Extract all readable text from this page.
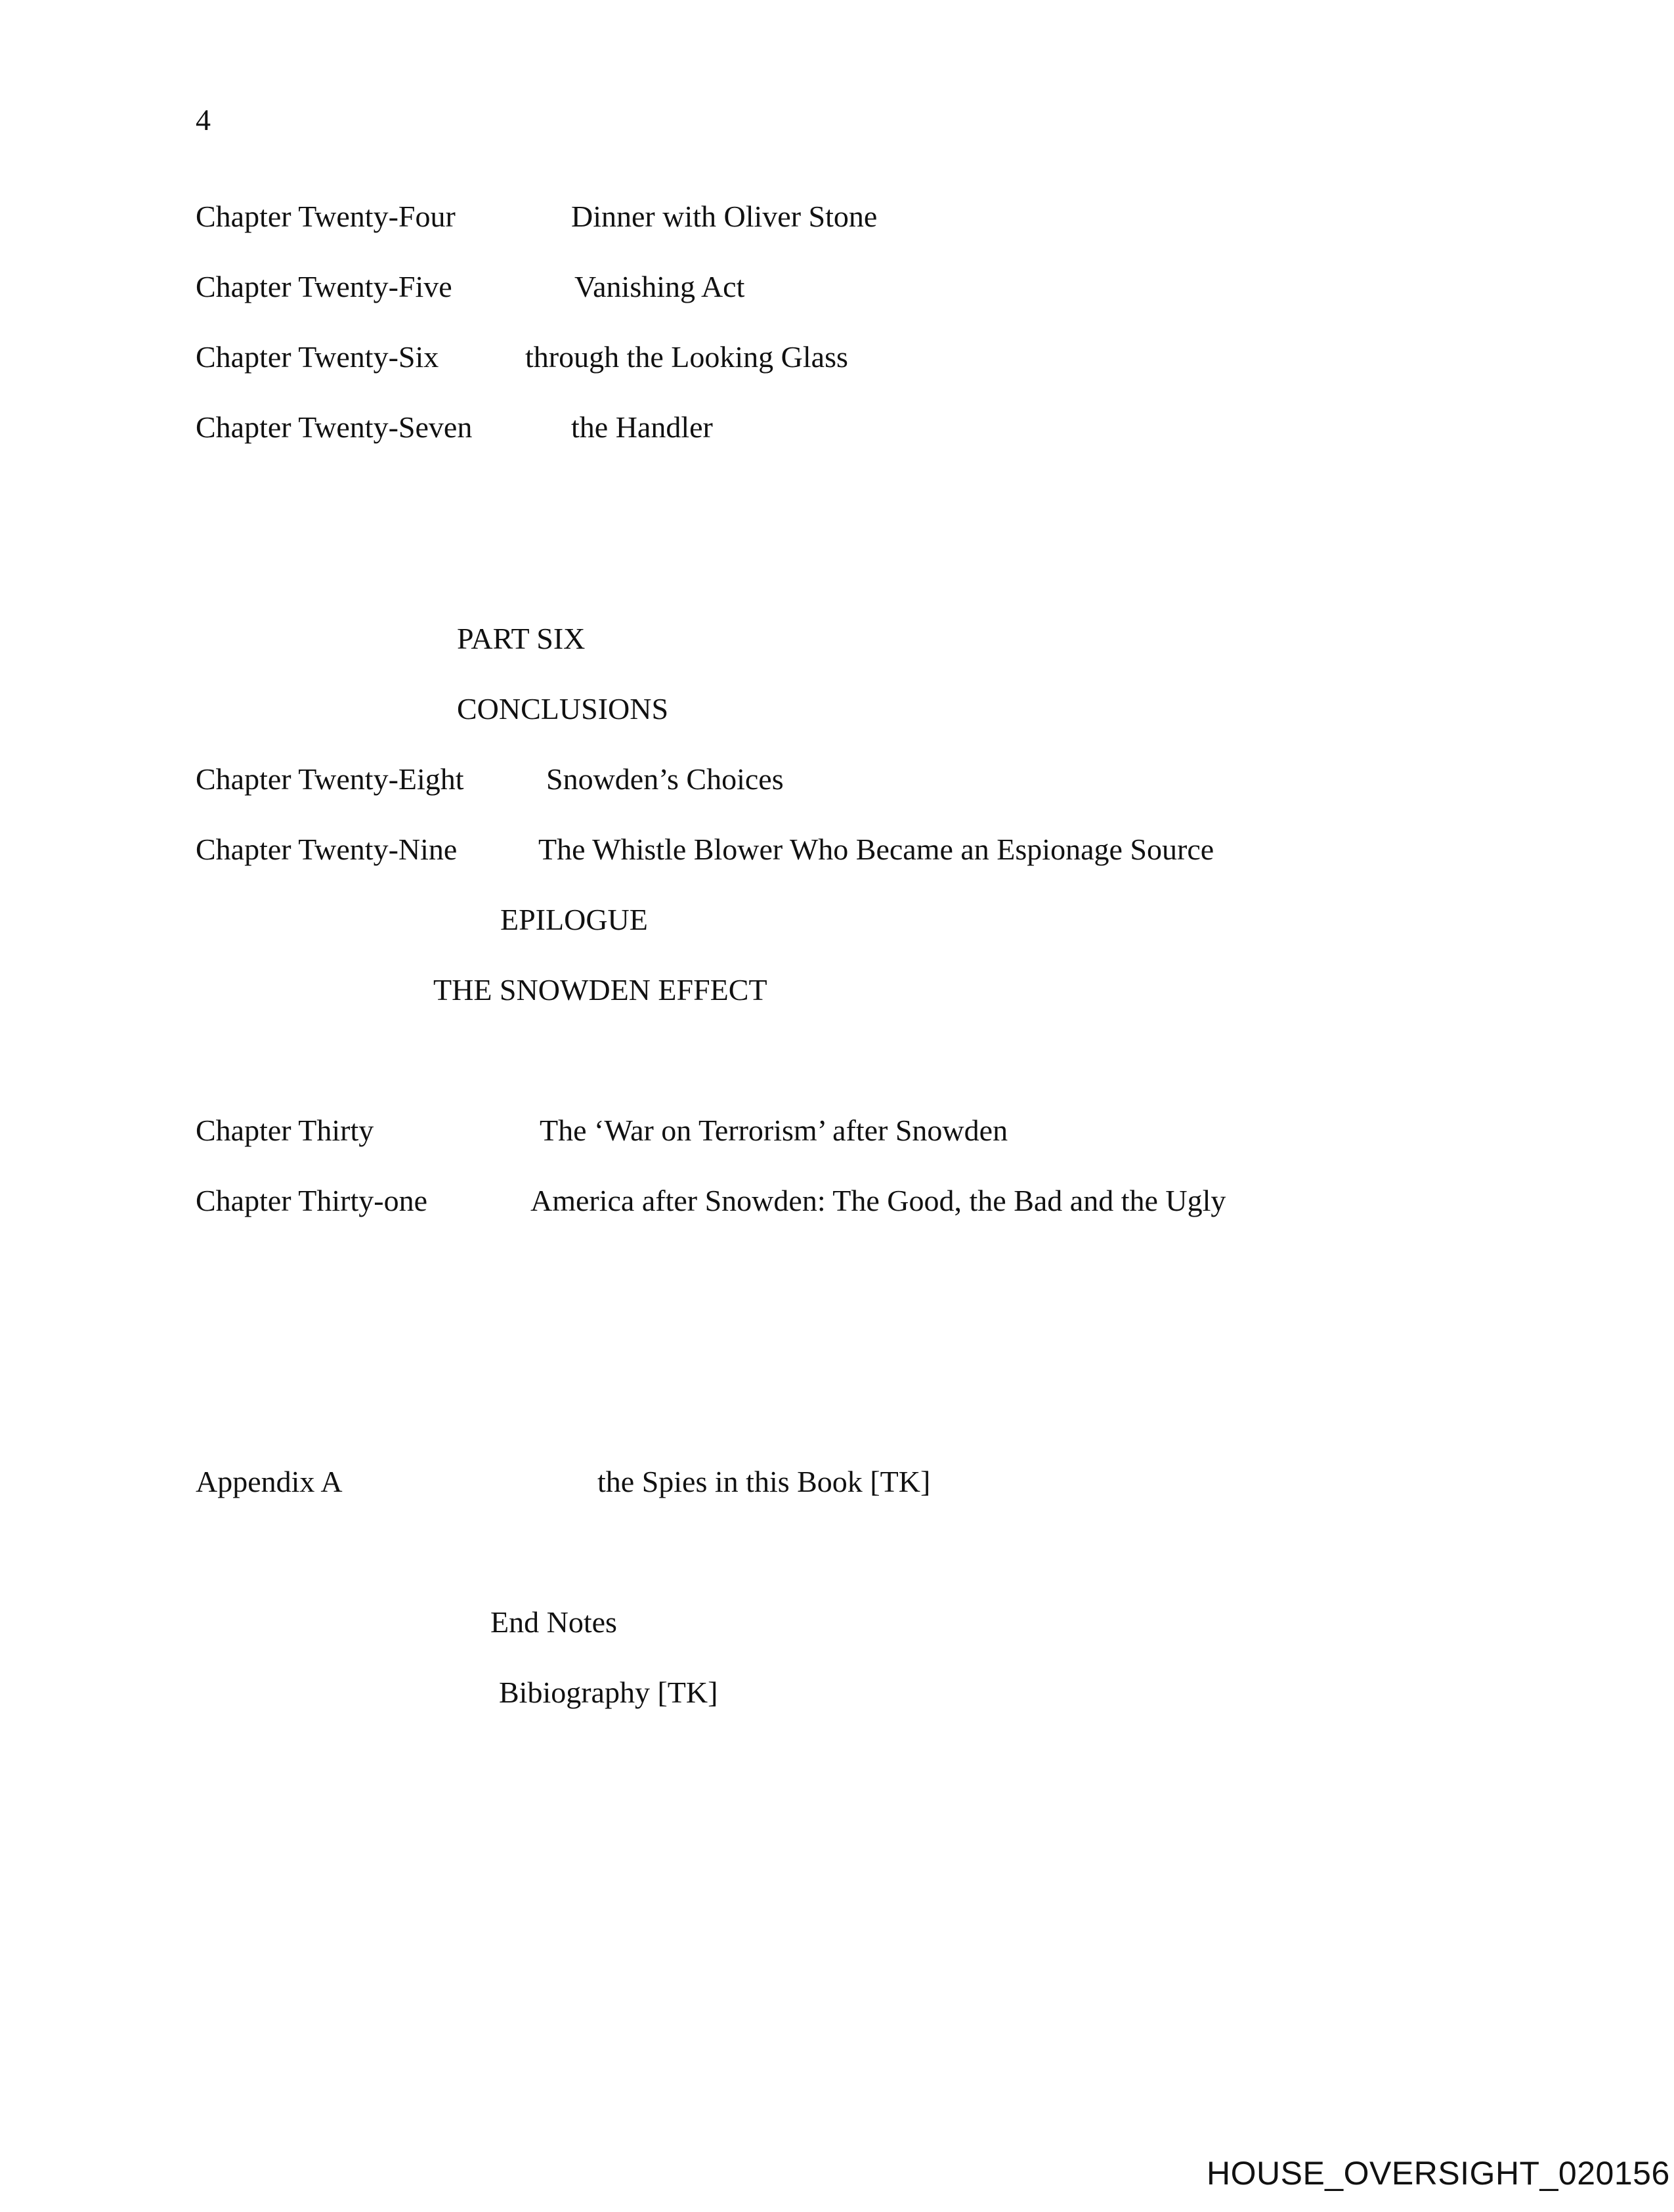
4
Chapter Twenty-Four	Dinner with Oliver Stone
Chapter Twenty-Five	Vanishing Act
Chapter Twenty-Six	through the Looking Glass
Chapter Twenty-Seven	the Handler
PART SIX
CONCLUSIONS
Chapter Twenty-Eight	Snowden’s Choices
Chapter Twenty-Nine	The Whistle Blower Who Became an Espionage Source
EPILOGUE
THE SNOWDEN EFFECT
Chapter Thirty	The ‘War on Terrorism’ after Snowden
Chapter Thirty-one	America after Snowden: The Good, the Bad and the Ugly
Appendix A	the Spies in this Book [TK]
End Notes
Bibiography [TK]
HOUSE_OVERSIGHT_020156
